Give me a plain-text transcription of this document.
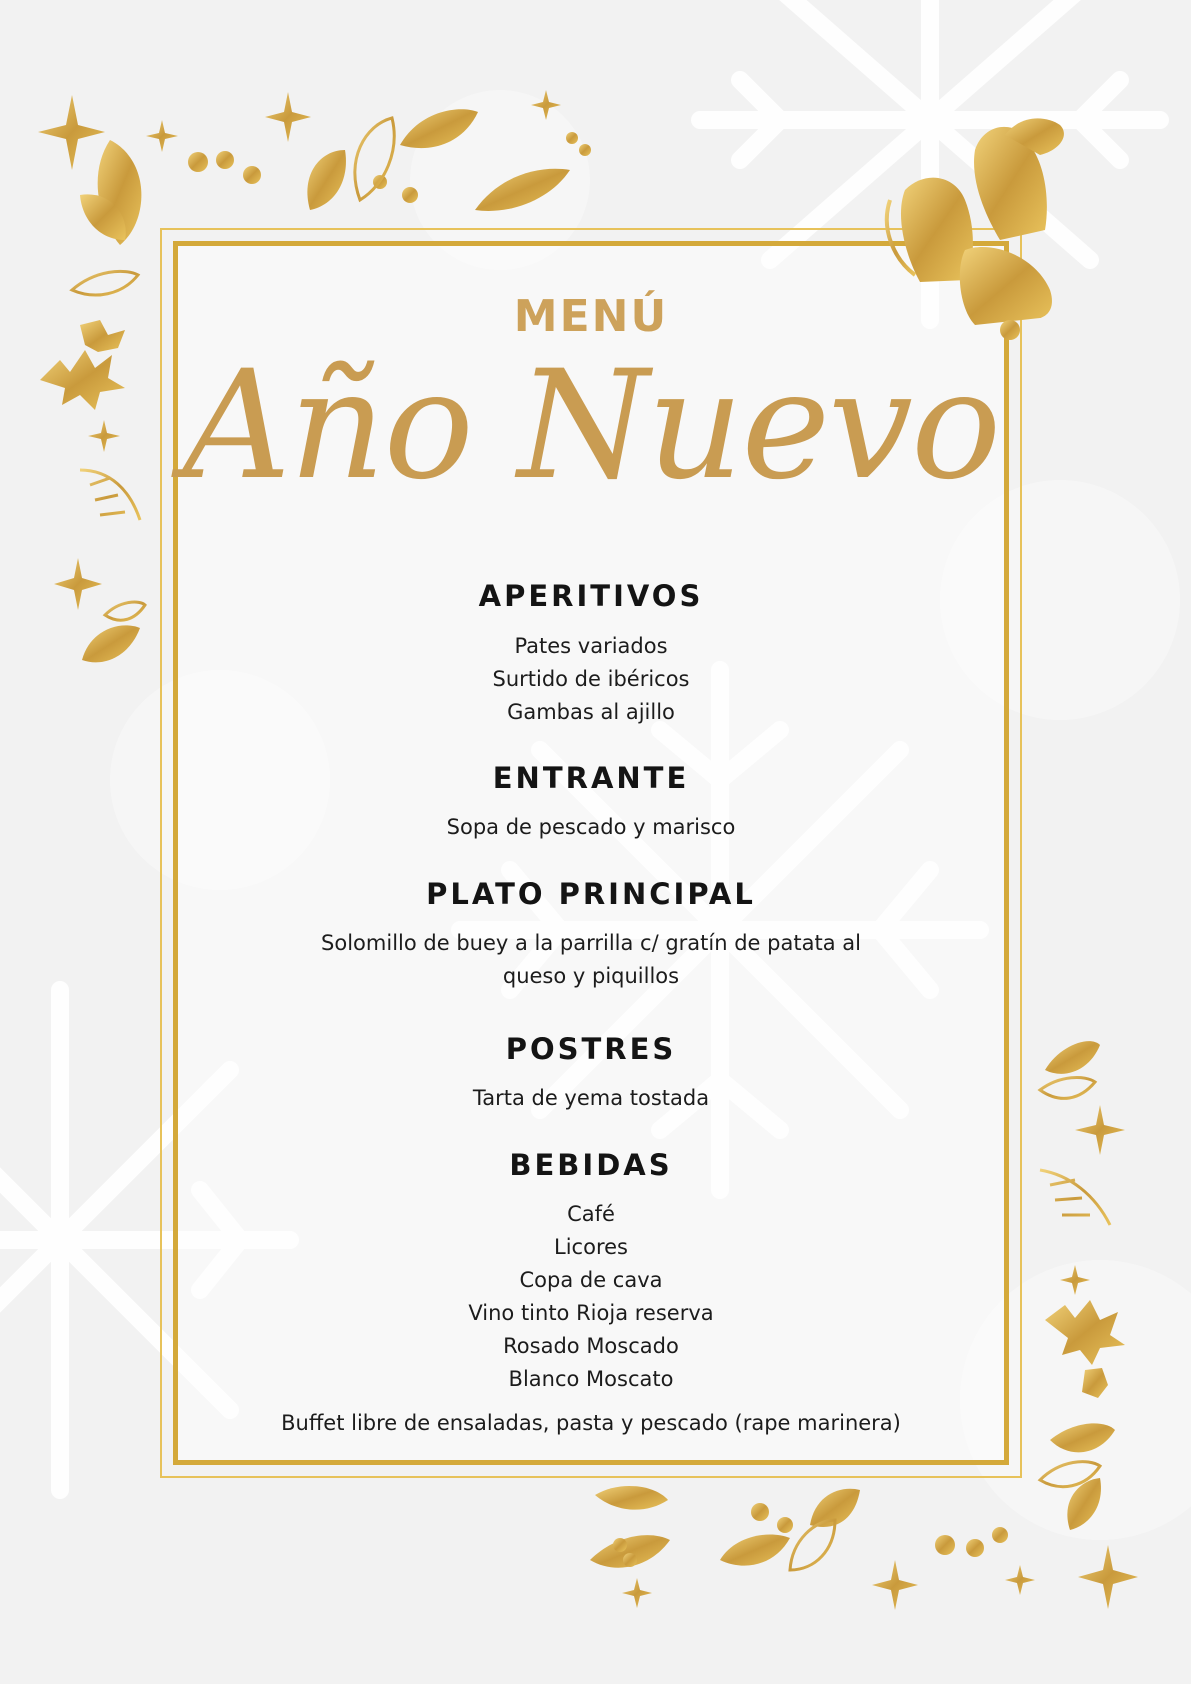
MENÚ
Año Nuevo
APERITIVOS
Pates variados
Surtido de ibéricos
Gambas al ajillo
ENTRANTE
Sopa de pescado y marisco
PLATO PRINCIPAL
Solomillo de buey a la parrilla c/ gratín de patata al
queso y piquillos
POSTRES
Tarta de yema tostada
BEBIDAS
Café
Licores
Copa de cava
Vino tinto Rioja reserva
Rosado Moscado
Blanco Moscato
Buffet libre de ensaladas, pasta y pescado (rape marinera)
